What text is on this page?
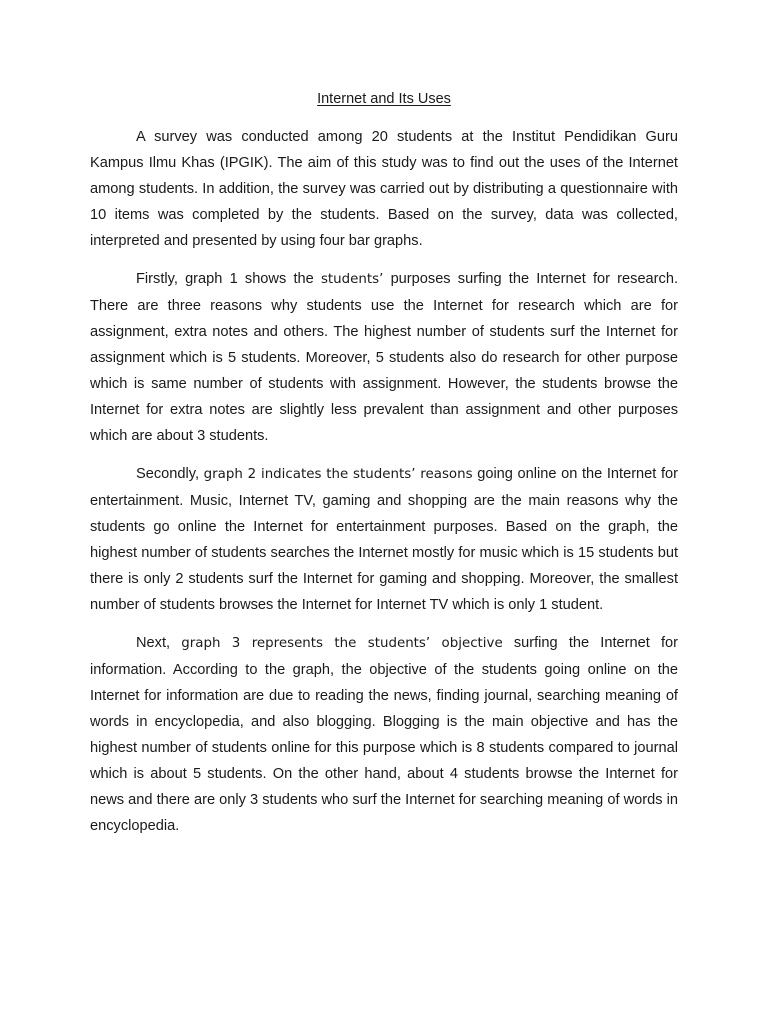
Internet and Its Uses

A survey was conducted among 20 students at the Institut Pendidikan Guru Kampus Ilmu Khas (IPGIK). The aim of this study was to find out the uses of the Internet among students. In addition, the survey was carried out by distributing a questionnaire with 10 items was completed by the students. Based on the survey, data was collected, interpreted and presented by using four bar graphs.

Firstly, graph 1 shows the students’ purposes surfing the Internet for research. There are three reasons why students use the Internet for research which are for assignment, extra notes and others. The highest number of students surf the Internet for assignment which is 5 students. Moreover, 5 students also do research for other purpose which is same number of students with assignment. However, the students browse the Internet for extra notes are slightly less prevalent than assignment and other purposes which are about 3 students.

Secondly, graph 2 indicates the students’ reasons going online on the Internet for entertainment. Music, Internet TV, gaming and shopping are the main reasons why the students go online the Internet for entertainment purposes. Based on the graph, the highest number of students searches the Internet mostly for music which is 15 students but there is only 2 students surf the Internet for gaming and shopping. Moreover, the smallest number of students browses the Internet for Internet TV which is only 1 student.

Next, graph 3 represents the students’ objective surfing the Internet for information. According to the graph, the objective of the students going online on the Internet for information are due to reading the news, finding journal, searching meaning of words in encyclopedia, and also blogging. Blogging is the main objective and has the highest number of students online for this purpose which is 8 students compared to journal which is about 5 students. On the other hand, about 4 students browse the Internet for news and there are only 3 students who surf the Internet for searching meaning of words in encyclopedia.
